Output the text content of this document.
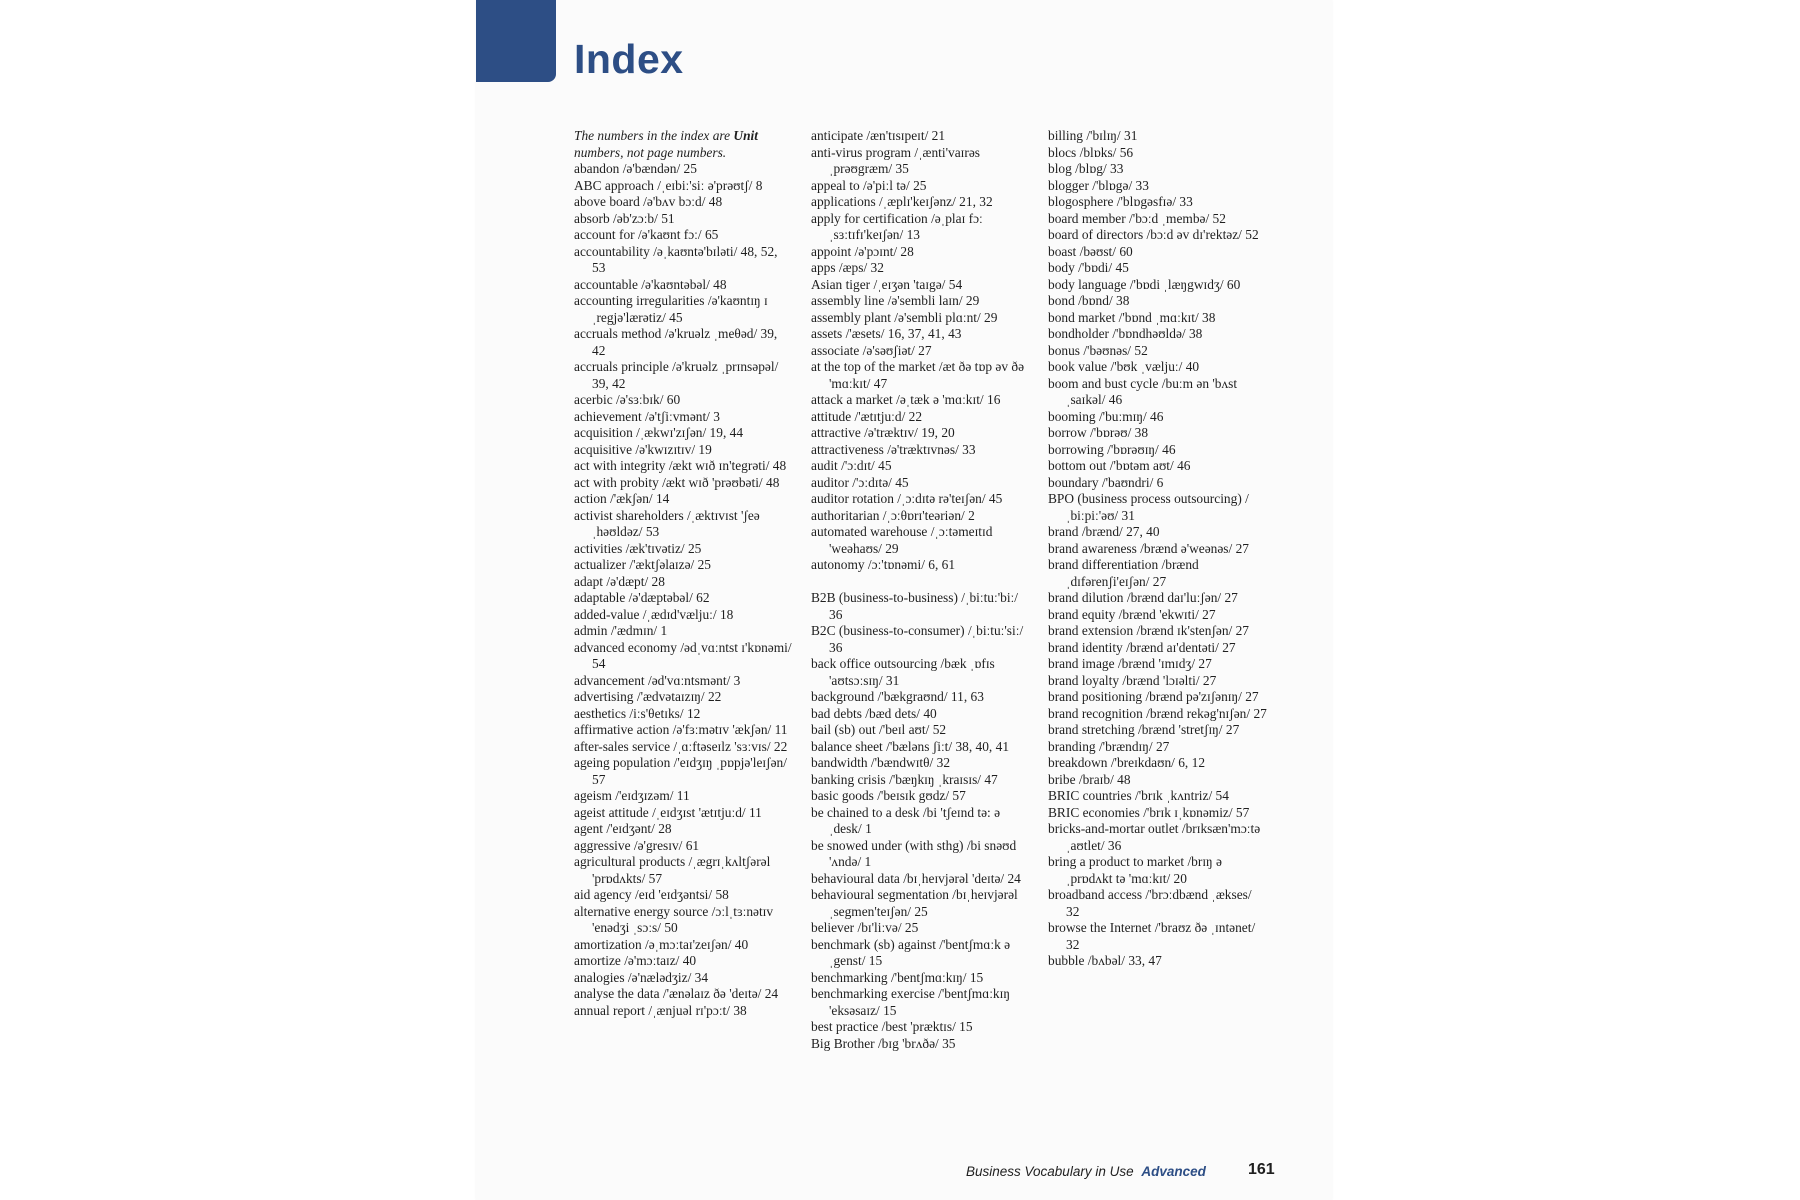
Index
The numbers in the index are Unit numbers, not page numbers.
abandon /ə'bændən/ 25
ABC approach /ˌeɪbiː'siː ə'prəʊtʃ/ 8
above board /ə'bʌv bɔːd/ 48
absorb /əb'zɔːb/ 51
account for /ə'kaʊnt fɔː/ 65
accountability /əˌkaʊntə'bɪləti/ 48, 52, 53
accountable /ə'kaʊntəbəl/ 48
accounting irregularities /ə'kaʊntɪŋ ɪˌregjə'lærətiz/ 45
accruals method /ə'kruəlz ˌmeθəd/ 39, 42
accruals principle /ə'kruəlz ˌprɪnsəpəl/ 39, 42
acerbic /ə'sɜːbɪk/ 60
achievement /ə'tʃiːvmənt/ 3
acquisition /ˌækwɪ'zɪʃən/ 19, 44
acquisitive /ə'kwɪzɪtɪv/ 19
act with integrity /ækt wɪð ɪn'tegrəti/ 48
act with probity /ækt wɪð 'prəʊbəti/ 48
action /'ækʃən/ 14
activist shareholders /ˌæktɪvɪst 'ʃeəˌhəʊldəz/ 53
activities /æk'tɪvətiz/ 25
actualizer /'æktʃəlaɪzə/ 25
adapt /ə'dæpt/ 28
adaptable /ə'dæptəbəl/ 62
added-value /ˌædɪd'væljuː/ 18
admin /'ædmɪn/ 1
advanced economy /ədˌvɑːntst ɪ'kɒnəmi/ 54
advancement /əd'vɑːntsmənt/ 3
advertising /'ædvətaɪzɪŋ/ 22
aesthetics /iːs'θetɪks/ 12
affirmative action /ə'fɜːmətɪv 'ækʃən/ 11
after-sales service /ˌɑːftəseɪlz 'sɜːvɪs/ 22
ageing population /'eɪdʒɪŋ ˌpɒpjə'leɪʃən/ 57
ageism /'eɪdʒɪzəm/ 11
ageist attitude /ˌeɪdʒɪst 'ætɪtjuːd/ 11
agent /'eɪdʒənt/ 28
aggressive /ə'gresɪv/ 61
agricultural products /ˌægrɪˌkʌltʃərəl 'prɒdʌkts/ 57
aid agency /eɪd 'eɪdʒəntsi/ 58
alternative energy source /ɔːlˌtɜːnətɪv 'enədʒi ˌsɔːs/ 50
amortization /əˌmɔːtaɪ'zeɪʃən/ 40
amortize /ə'mɔːtaɪz/ 40
analogies /ə'nælədʒiz/ 34
analyse the data /'ænəlaɪz ðə 'deɪtə/ 24
annual report /ˌænjuəl rɪ'pɔːt/ 38
anticipate /æn'tɪsɪpeɪt/ 21
anti-virus program /ˌænti'vaɪrəs ˌprəʊgræm/ 35
appeal to /ə'piːl tə/ 25
applications /ˌæplɪ'keɪʃənz/ 21, 32
apply for certification /əˌplaɪ fɔː ˌsɜːtɪfɪ'keɪʃən/ 13
appoint /ə'pɔɪnt/ 28
apps /æps/ 32
Asian tiger /ˌeɪʒən 'taɪgə/ 54
assembly line /ə'sembli laɪn/ 29
assembly plant /ə'sembli plɑːnt/ 29
assets /'æsets/ 16, 37, 41, 43
associate /ə'səʊʃiət/ 27
at the top of the market /æt ðə tɒp əv ðə 'mɑːkɪt/ 47
attack a market /əˌtæk ə 'mɑːkɪt/ 16
attitude /'ætɪtjuːd/ 22
attractive /ə'træktɪv/ 19, 20
attractiveness /ə'træktɪvnəs/ 33
audit /'ɔːdɪt/ 45
auditor /'ɔːdɪtə/ 45
auditor rotation /ˌɔːdɪtə rə'teɪʃən/ 45
authoritarian /ˌɔːθɒrɪ'teəriən/ 2
automated warehouse /ˌɔːtəmeɪtɪd 'weəhaʊs/ 29
autonomy /ɔː'tɒnəmi/ 6, 61
B2B (business-to-business) /ˌbiːtuː'biː/ 36
B2C (business-to-consumer) /ˌbiːtuː'siː/ 36
back office outsourcing /bæk ˌɒfɪs 'aʊtsɔːsɪŋ/ 31
background /'bækgraʊnd/ 11, 63
bad debts /bæd dets/ 40
bail (sb) out /'beɪl aʊt/ 52
balance sheet /'bæləns ʃiːt/ 38, 40, 41
bandwidth /'bændwɪtθ/ 32
banking crisis /'bæŋkɪŋ ˌkraɪsɪs/ 47
basic goods /'beɪsɪk gʊdz/ 57
be chained to a desk /bi 'tʃeɪnd tə: ə ˌdesk/ 1
be snowed under (with sthg) /bi snəʊd 'ʌndə/ 1
behavioural data /bɪˌheɪvjərəl 'deɪtə/ 24
behavioural segmentation /bɪˌheɪvjərəl ˌsegmen'teɪʃən/ 25
believer /bɪ'liːvə/ 25
benchmark (sb) against /'bentʃmɑːk əˌgenst/ 15
benchmarking /'bentʃmɑːkɪŋ/ 15
benchmarking exercise /'bentʃmɑːkɪŋ 'eksəsaɪz/ 15
best practice /best 'præktɪs/ 15
Big Brother /bɪg 'brʌðə/ 35
billing /'bɪlɪŋ/ 31
blocs /blɒks/ 56
blog /blɒg/ 33
blogger /'blɒgə/ 33
blogosphere /'blɒgəsfɪə/ 33
board member /'bɔːd ˌmembə/ 52
board of directors /bɔːd əv dɪ'rektəz/ 52
boast /bəʊst/ 60
body /'bɒdi/ 45
body language /'bɒdi ˌlæŋgwɪdʒ/ 60
bond /bɒnd/ 38
bond market /'bɒnd ˌmɑːkɪt/ 38
bondholder /'bɒndhəʊldə/ 38
bonus /'bəʊnəs/ 52
book value /'bʊk ˌvæljuː/ 40
boom and bust cycle /buːm ən 'bʌst ˌsaɪkəl/ 46
booming /'buːmɪŋ/ 46
borrow /'bɒrəʊ/ 38
borrowing /'bɒrəʊɪŋ/ 46
bottom out /'bɒtəm aʊt/ 46
boundary /'baʊndri/ 6
BPO (business process outsourcing) /ˌbiːpiː'əʊ/ 31
brand /brænd/ 27, 40
brand awareness /brænd ə'weənəs/ 27
brand differentiation /brænd ˌdɪfərenʃi'eɪʃən/ 27
brand dilution /brænd daɪ'luːʃən/ 27
brand equity /brænd 'ekwɪti/ 27
brand extension /brænd ɪk'stenʃən/ 27
brand identity /brænd aɪ'dentəti/ 27
brand image /brænd 'ɪmɪdʒ/ 27
brand loyalty /brænd 'lɔɪəlti/ 27
brand positioning /brænd pə'zɪʃənɪŋ/ 27
brand recognition /brænd rekəg'nɪʃən/ 27
brand stretching /brænd 'stretʃɪŋ/ 27
branding /'brændɪŋ/ 27
breakdown /'breɪkdaʊn/ 6, 12
bribe /braɪb/ 48
BRIC countries /'brɪk ˌkʌntriz/ 54
BRIC economies /'brɪk ɪˌkɒnəmiz/ 57
bricks-and-mortar outlet /brɪksæn'mɔːtə ˌaʊtlet/ 36
bring a product to market /brɪŋ ə ˌprɒdʌkt tə 'mɑːkɪt/ 20
broadband access /'brɔːdbænd ˌækses/ 32
browse the Internet /'braʊz ðə ˌɪntənet/ 32
bubble /bʌbəl/ 33, 47
Business Vocabulary in Use Advanced	161
